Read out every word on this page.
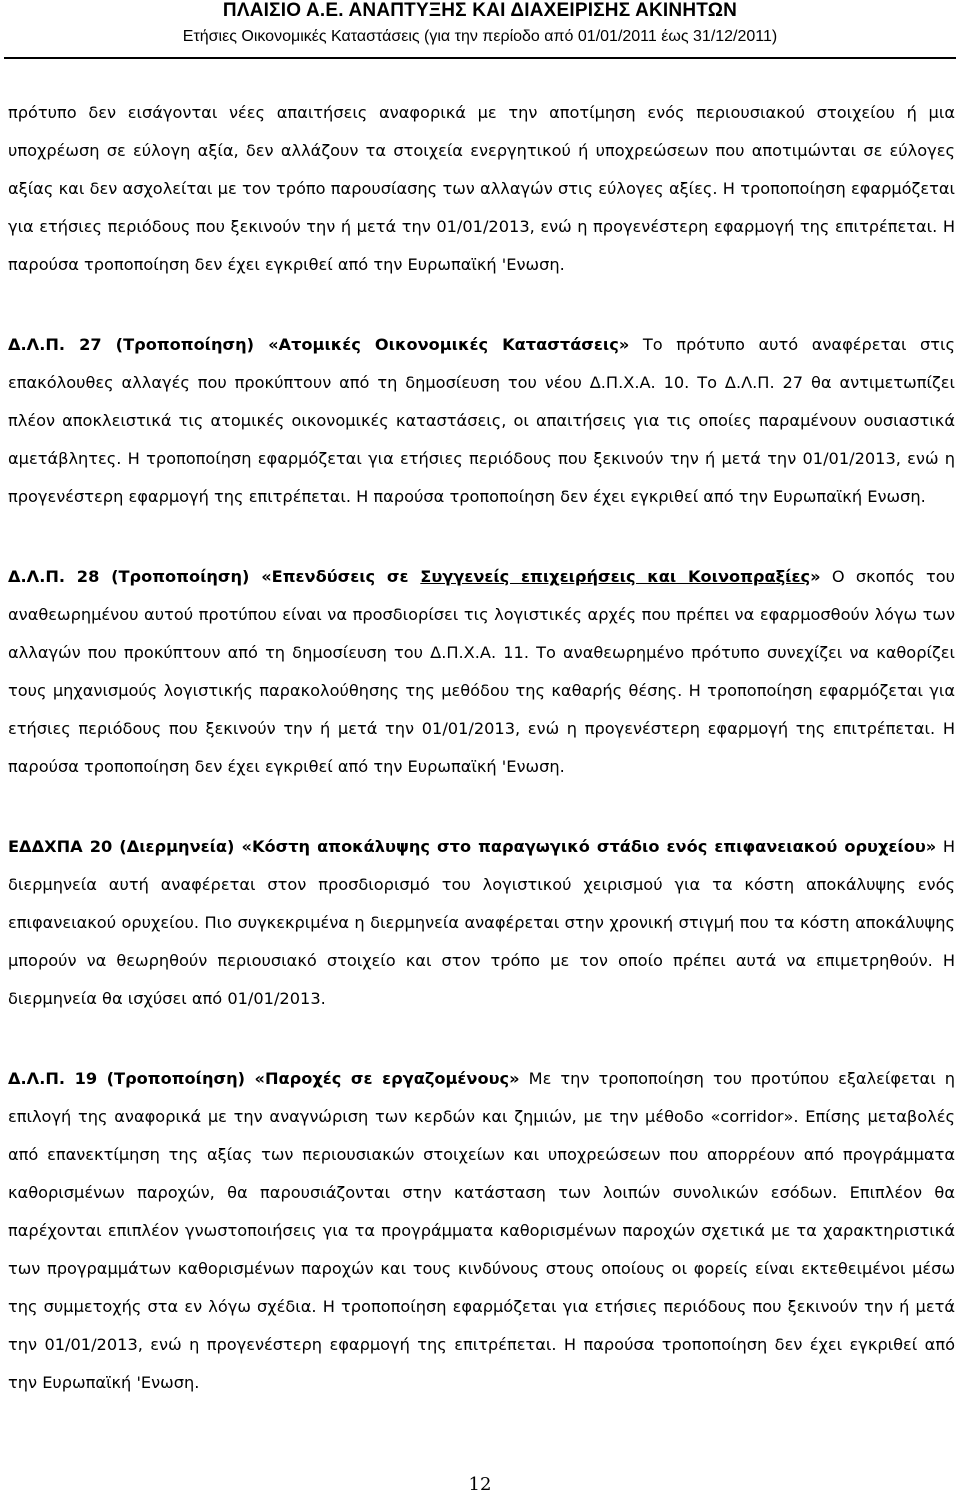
ΠΛΑΙΣΙΟ Α.Ε. ΑΝΑΠΤΥΞΗΣ ΚΑΙ ΔΙΑΧΕΙΡΙΣΗΣ ΑΚΙΝΗΤΩΝ
Ετήσιες Οικονομικές Καταστάσεις (για την περίοδο από 01/01/2011 έως 31/12/2011)

πρότυπο δεν εισάγονται νέες απαιτήσεις αναφορικά με την αποτίμηση ενός περιουσιακού στοιχείου ή μια υποχρέωση σε εύλογη αξία, δεν αλλάζουν τα στοιχεία ενεργητικού ή υποχρεώσεων που αποτιμώνται σε εύλογες αξίας και δεν ασχολείται με τον τρόπο παρουσίασης των αλλαγών στις εύλογες αξίες. Η τροποποίηση εφαρμόζεται για ετήσιες περιόδους που ξεκινούν την ή μετά την 01/01/2013, ενώ η προγενέστερη εφαρμογή της επιτρέπεται. Η παρούσα τροποποίηση δεν έχει εγκριθεί από την Ευρωπαϊκή 'Ενωση.

Δ.Λ.Π. 27 (Τροποποίηση) «Ατομικές Οικονομικές Καταστάσεις» Το πρότυπο αυτό αναφέρεται στις επακόλουθες αλλαγές που προκύπτουν από τη δημοσίευση του νέου Δ.Π.Χ.Α. 10. Το Δ.Λ.Π. 27 θα αντιμετωπίζει πλέον αποκλειστικά τις ατομικές οικονομικές καταστάσεις, οι απαιτήσεις για τις οποίες παραμένουν ουσιαστικά αμετάβλητες. Η τροποποίηση εφαρμόζεται για ετήσιες περιόδους που ξεκινούν την ή μετά την 01/01/2013, ενώ η προγενέστερη εφαρμογή της επιτρέπεται. Η παρούσα τροποποίηση δεν έχει εγκριθεί από την Ευρωπαϊκή Ενωση.

Δ.Λ.Π. 28 (Τροποποίηση) «Επενδύσεις σε Συγγενείς επιχειρήσεις και Κοινοπραξίες» Ο σκοπός του αναθεωρημένου αυτού προτύπου είναι να προσδιορίσει τις λογιστικές αρχές που πρέπει να εφαρμοσθούν λόγω των αλλαγών που προκύπτουν από τη δημοσίευση του Δ.Π.Χ.Α. 11. Το αναθεωρημένο πρότυπο συνεχίζει να καθορίζει τους μηχανισμούς λογιστικής παρακολούθησης της μεθόδου της καθαρής θέσης. Η τροποποίηση εφαρμόζεται για ετήσιες περιόδους που ξεκινούν την ή μετά την 01/01/2013, ενώ η προγενέστερη εφαρμογή της επιτρέπεται. Η παρούσα τροποποίηση δεν έχει εγκριθεί από την Ευρωπαϊκή 'Ενωση.

ΕΔΔΧΠΑ 20 (Διερμηνεία) «Κόστη αποκάλυψης στο παραγωγικό στάδιο ενός επιφανειακού ορυχείου» Η διερμηνεία αυτή αναφέρεται στον προσδιορισμό του λογιστικού χειρισμού για τα κόστη αποκάλυψης ενός επιφανειακού ορυχείου. Πιο συγκεκριμένα η διερμηνεία αναφέρεται στην χρονική στιγμή που τα κόστη αποκάλυψης μπορούν να θεωρηθούν περιουσιακό στοιχείο και στον τρόπο με τον οποίο πρέπει αυτά να επιμετρηθούν. Η διερμηνεία θα ισχύσει από 01/01/2013.

Δ.Λ.Π. 19 (Τροποποίηση) «Παροχές σε εργαζομένους» Με την τροποποίηση του προτύπου εξαλείφεται η επιλογή της αναφορικά με την αναγνώριση των κερδών και ζημιών, με την μέθοδο «corridor». Επίσης μεταβολές από επανεκτίμηση της αξίας των περιουσιακών στοιχείων και υποχρεώσεων που απορρέουν από προγράμματα καθορισμένων παροχών, θα παρουσιάζονται στην κατάσταση των λοιπών συνολικών εσόδων. Επιπλέον θα παρέχονται επιπλέον γνωστοποιήσεις για τα προγράμματα καθορισμένων παροχών σχετικά με τα χαρακτηριστικά των προγραμμάτων καθορισμένων παροχών και τους κινδύνους στους οποίους οι φορείς είναι εκτεθειμένοι μέσω της συμμετοχής στα εν λόγω σχέδια. Η τροποποίηση εφαρμόζεται για ετήσιες περιόδους που ξεκινούν την ή μετά την 01/01/2013, ενώ η προγενέστερη εφαρμογή της επιτρέπεται. Η παρούσα τροποποίηση δεν έχει εγκριθεί από την Ευρωπαϊκή 'Ενωση.

12
